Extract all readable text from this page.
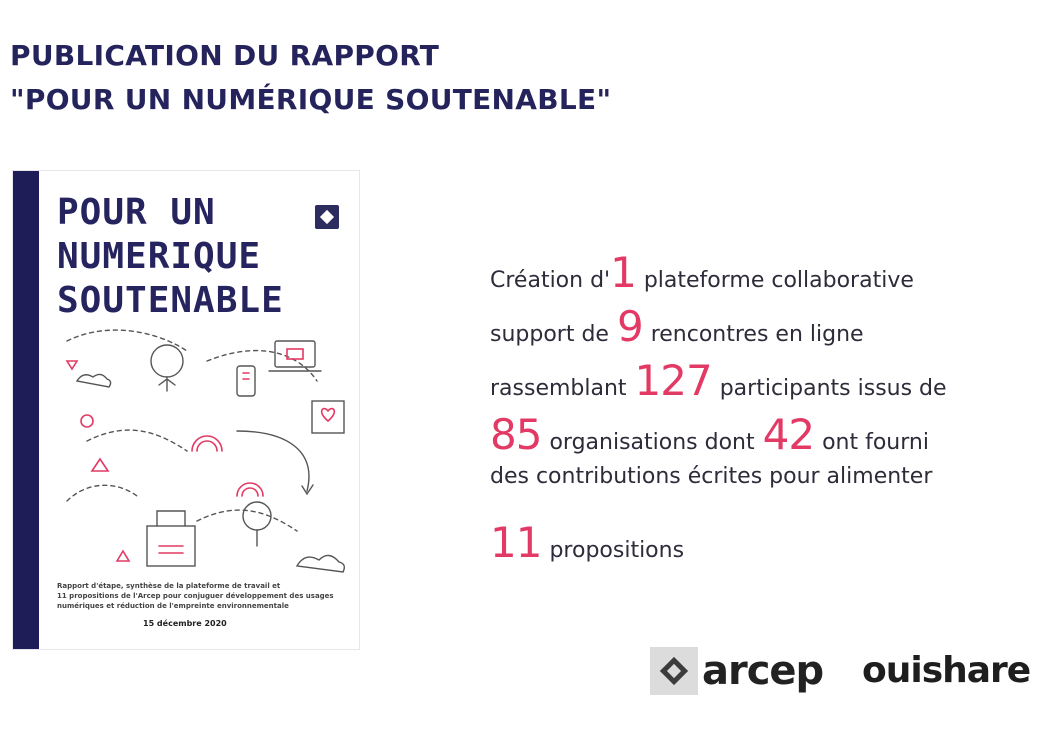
PUBLICATION DU RAPPORT
"POUR UN NUMÉRIQUE SOUTENABLE"
POUR UN
NUMERIQUE
SOUTENABLE
Rapport d'étape, synthèse de la plateforme de travail et
11 propositions de l'Arcep pour conjuguer développement des usages
numériques et réduction de l'empreinte environnementale
15 décembre 2020
Création d' 1 plateforme collaborative
support de 9 rencontres en ligne
rassemblant 127 participants issus de
85 organisations dont 42 ont fourni
des contributions écrites pour alimenter
11 propositions
arcep ouishare
